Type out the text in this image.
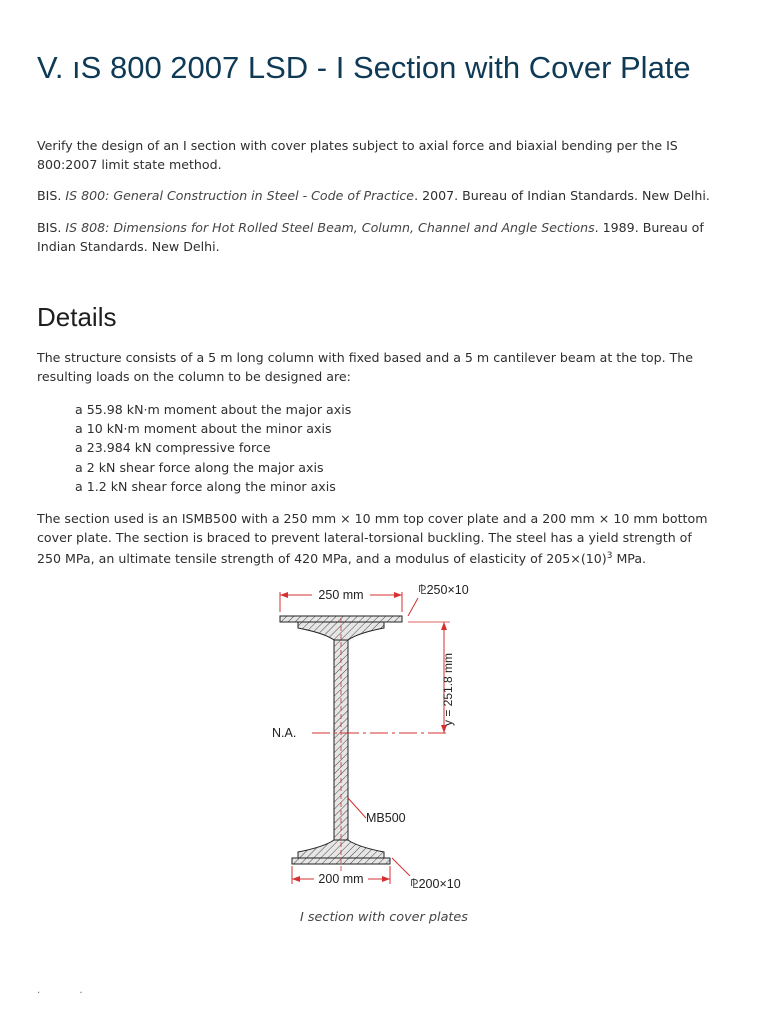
V. ıS 800 2007 LSD - I Section with Cover Plate

Verify the design of an I section with cover plates subject to axial force and biaxial bending per the IS 800:2007 limit state method.

BIS. IS 800: General Construction in Steel - Code of Practice. 2007. Bureau of Indian Standards. New Delhi.

BIS. IS 808: Dimensions for Hot Rolled Steel Beam, Column, Channel and Angle Sections. 1989. Bureau of Indian Standards. New Delhi.

Details

The structure consists of a 5 m long column with fixed based and a 5 m cantilever beam at the top. The resulting loads on the column to be designed are:

a 55.98 kN·m moment about the major axis
a 10 kN·m moment about the minor axis
a 23.984 kN compressive force
a 2 kN shear force along the major axis
a 1.2 kN shear force along the minor axis

The section used is an ISMB500 with a 250 mm × 10 mm top cover plate and a 200 mm × 10 mm bottom cover plate. The section is braced to prevent lateral-torsional buckling. The steel has a yield strength of 250 MPa, an ultimate tensile strength of 420 MPa, and a modulus of elasticity of $205\times(10)^3$ MPa.

250 mm	⅊250×10
N.A.
y = 251.8 mm
MB500
200 mm	⅊200×10
I section with cover plates
. .
